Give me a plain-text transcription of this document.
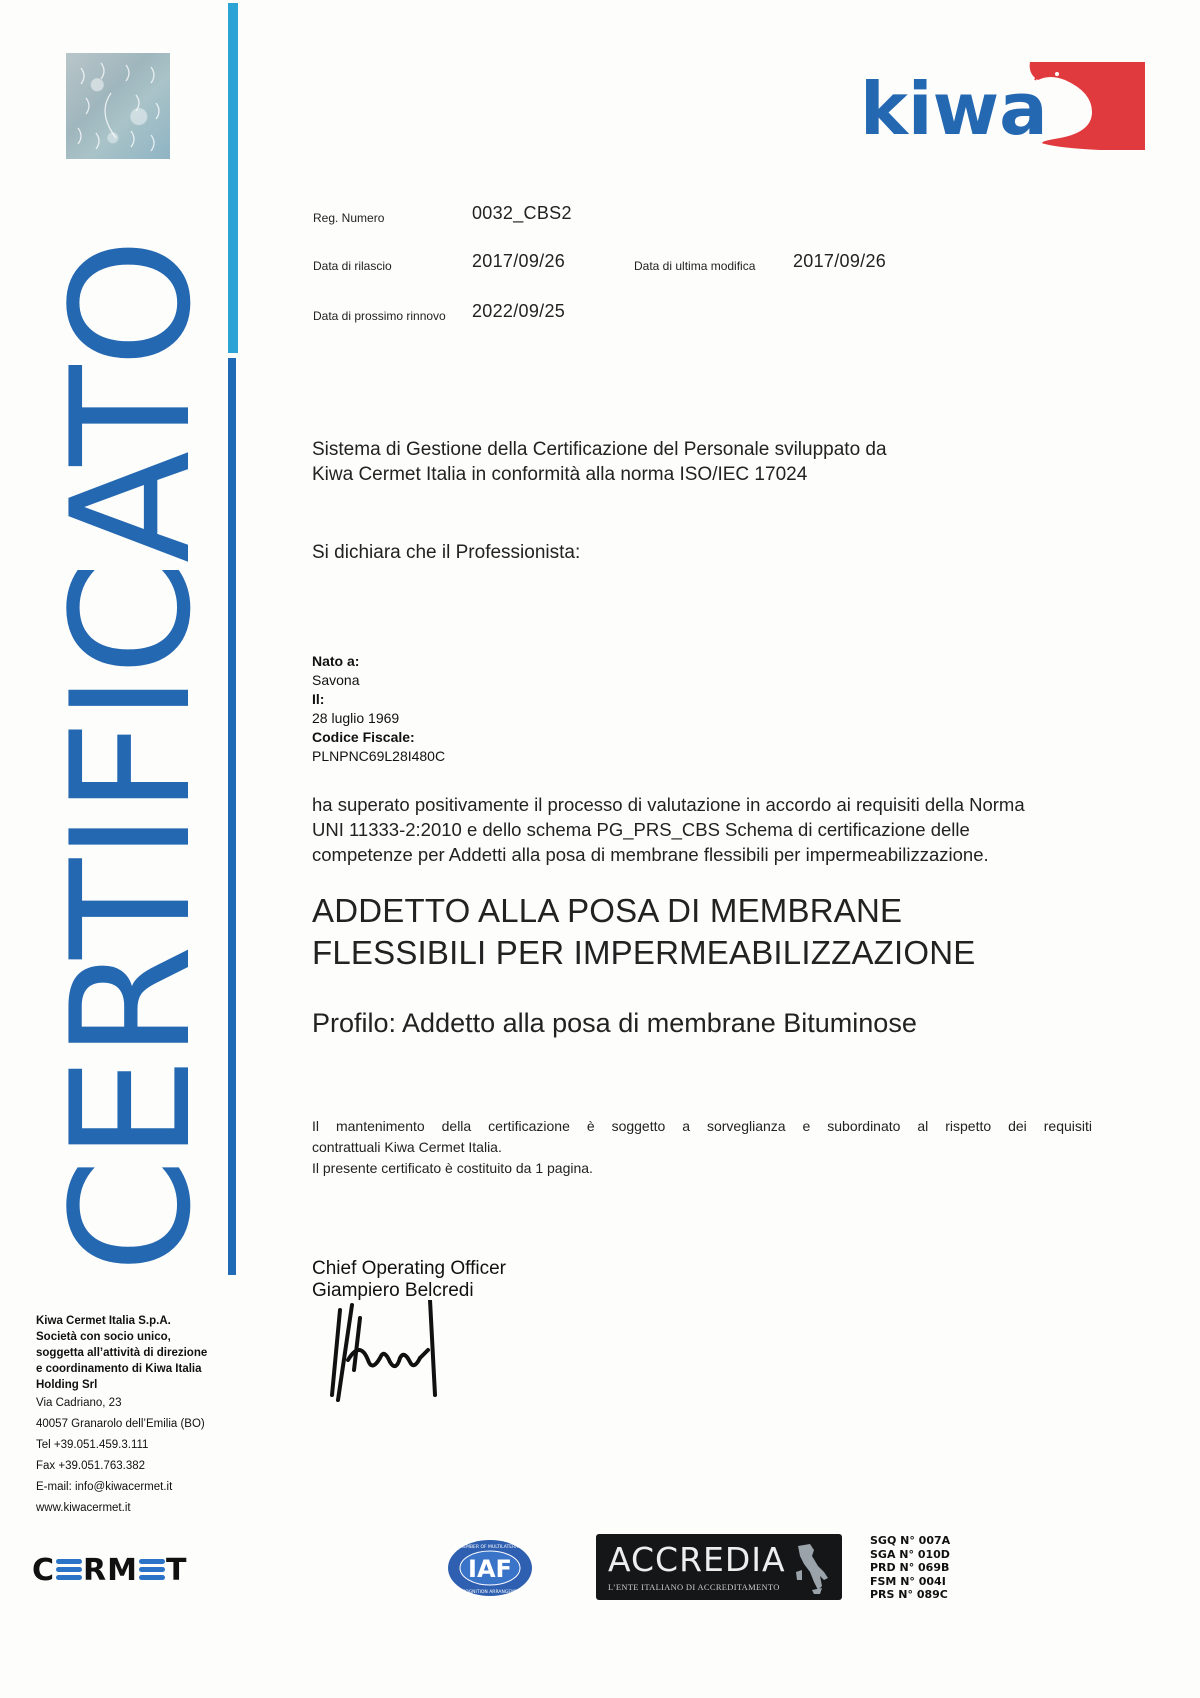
CERTIFICATO
kiwa
Reg. Numero	0032_CBS2
Data di rilascio	2017/09/26	Data di ultima modifica 2017/09/26
Data di prossimo rinnovo 2022/09/25
Sistema di Gestione della Certificazione del Personale sviluppato da
Kiwa Cermet Italia in conformità alla norma ISO/IEC 17024
Si dichiara che il Professionista:
Nato a:
Savona
Il:
28 luglio 1969
Codice Fiscale:
PLNPNC69L28I480C
ha superato positivamente il processo di valutazione in accordo ai requisiti della Norma
UNI 11333-2:2010 e dello schema PG_PRS_CBS Schema di certificazione delle
competenze per Addetti alla posa di membrane flessibili per impermeabilizzazione.
ADDETTO ALLA POSA DI MEMBRANE
FLESSIBILI PER IMPERMEABILIZZAZIONE
Profilo: Addetto alla posa di membrane Bituminose
Il mantenimento della certificazione è soggetto a sorveglianza e subordinato al rispetto dei requisiti
contrattuali Kiwa Cermet Italia.
Il presente certificato è costituito da 1 pagina.
Chief Operating Officer
Giampiero Belcredi
Kiwa Cermet Italia S.p.A.
Società con socio unico,
soggetta all’attività di direzione
e coordinamento di Kiwa Italia
Holding Srl
Via Cadriano, 23
40057 Granarolo dell’Emilia (BO)
Tel +39.051.459.3.111
Fax +39.051.763.382
E-mail: info@kiwacermet.it
www.kiwacermet.it
C RM T	IAF
MEMBER OF MULTILATERAL
RECOGNITION ARRANGEMENT
ACCREDIA
L’ENTE ITALIANO DI ACCREDITAMENTO
SGQ N° 007A
SGA N° 010D
PRD N° 069B
FSM N° 004I
PRS N° 089C
